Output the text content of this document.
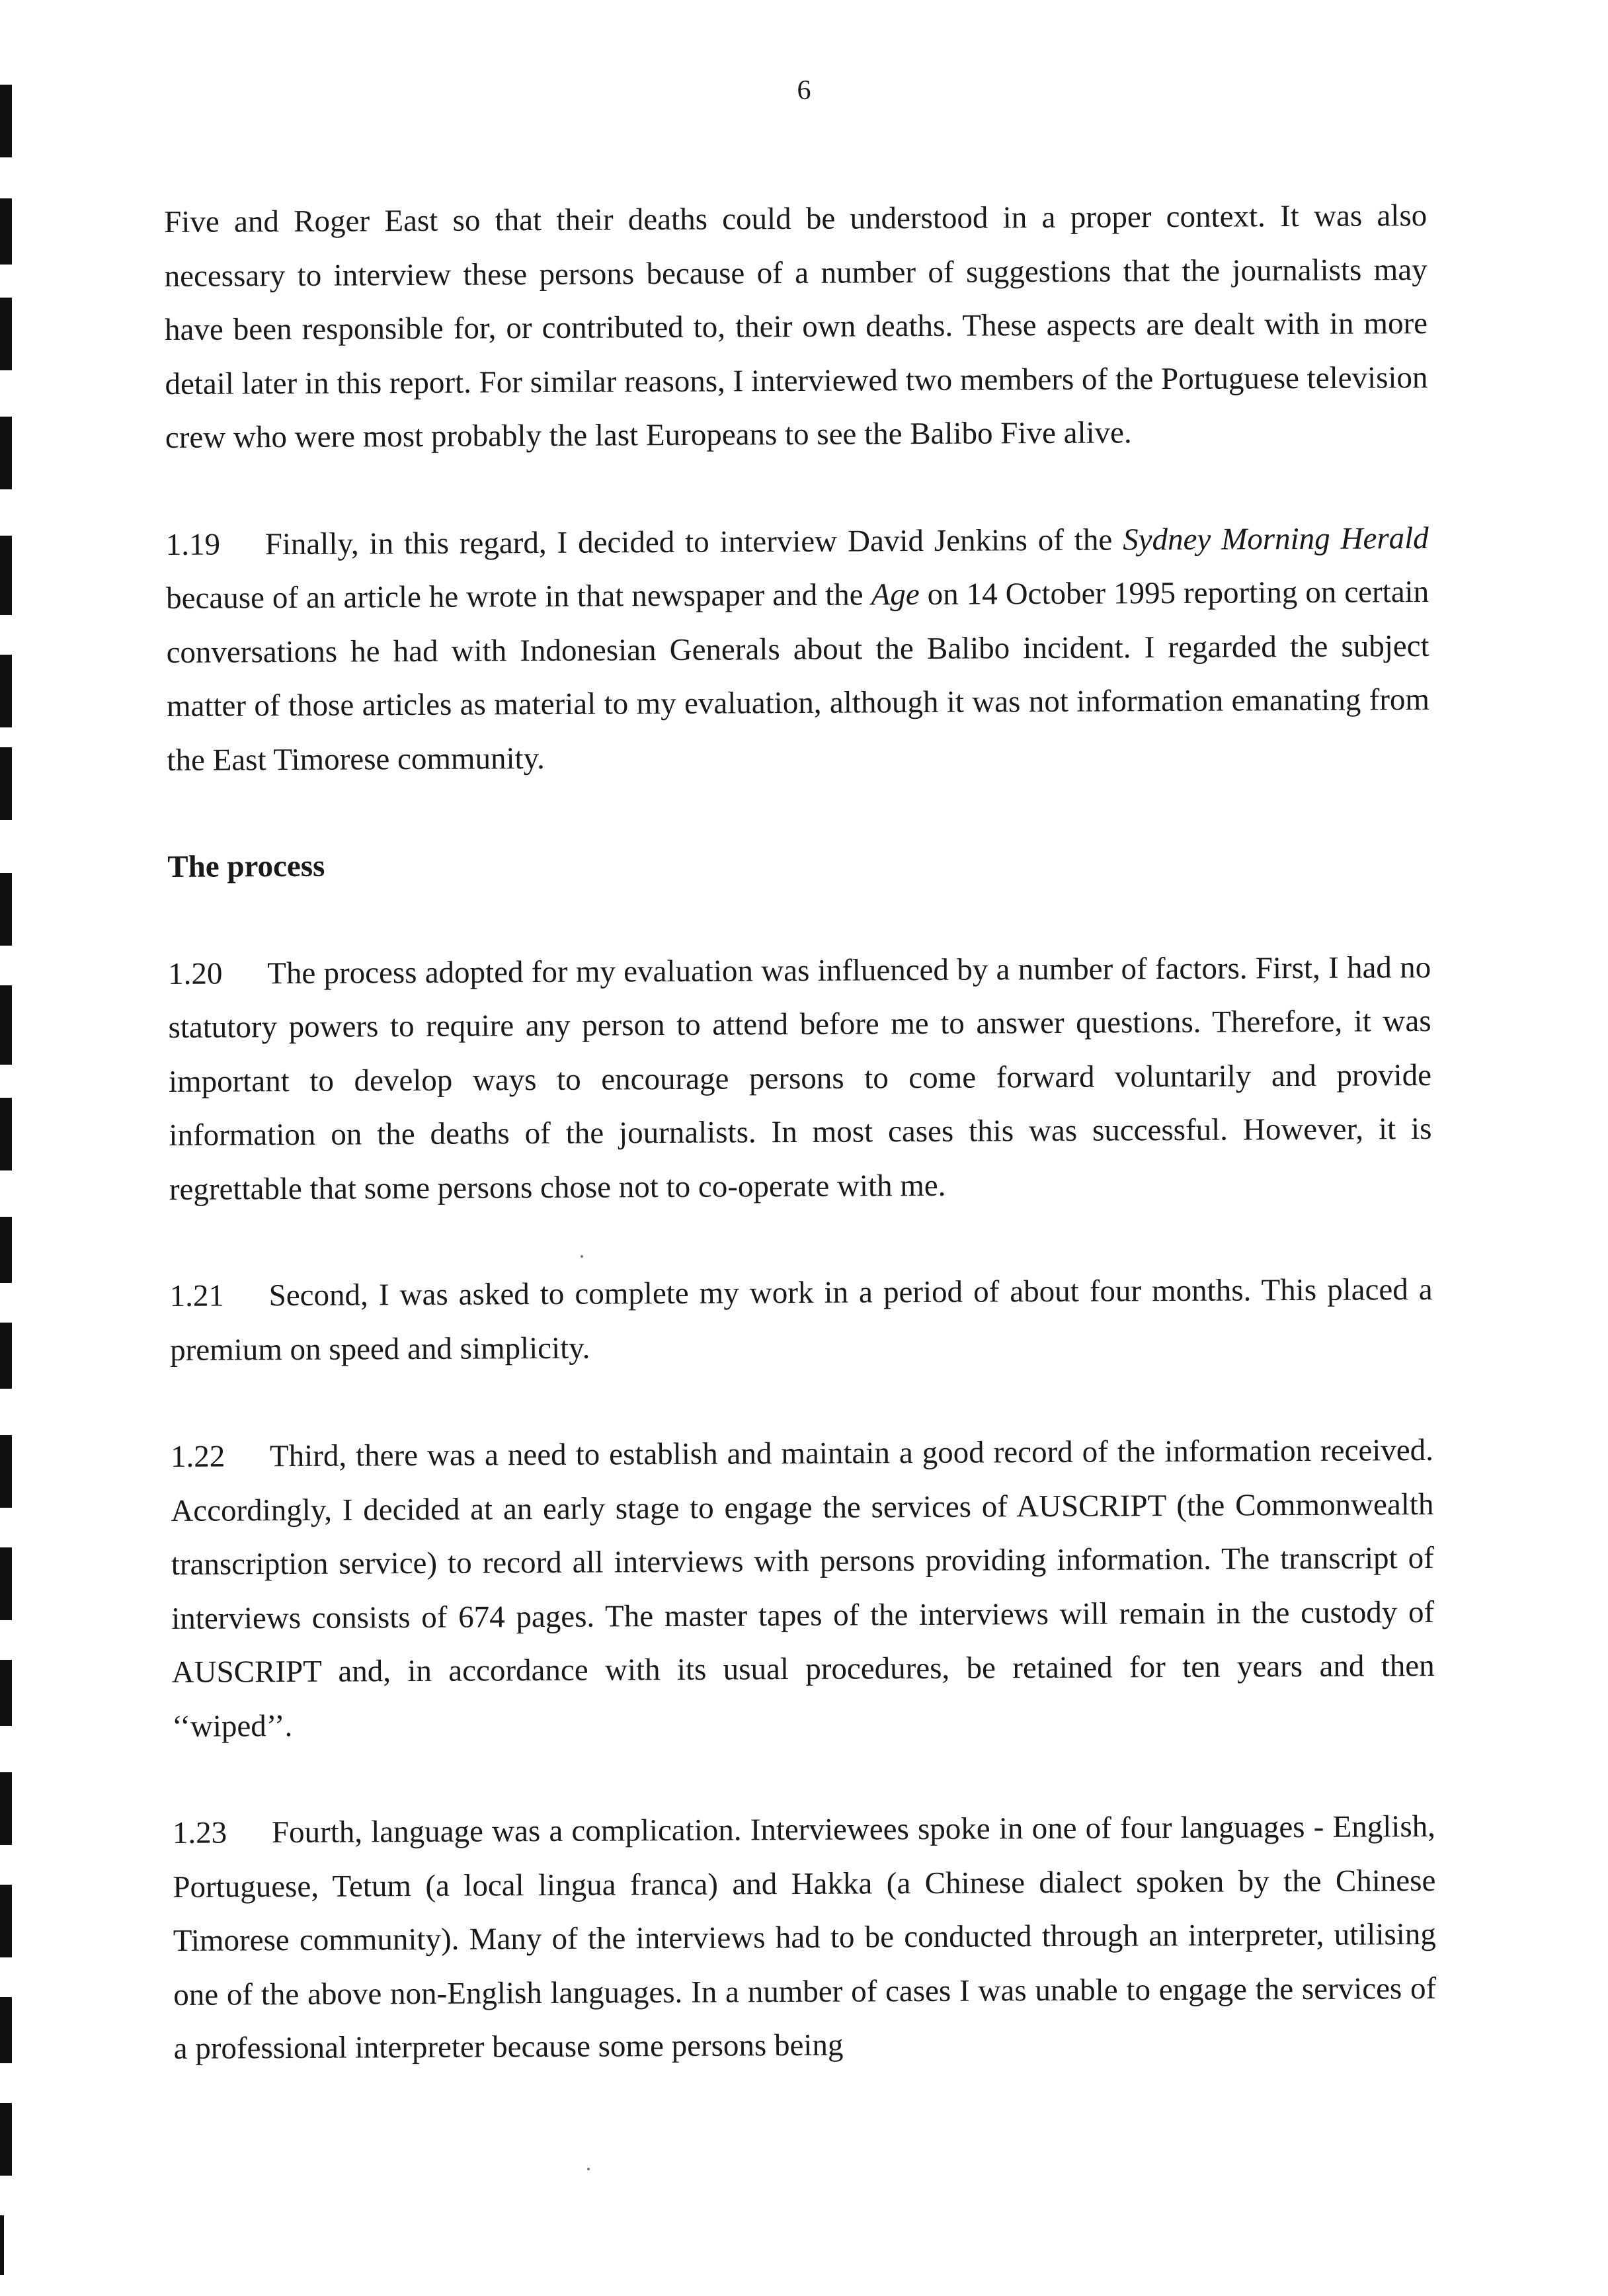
6

Five and Roger East so that their deaths could be understood in a proper context. It was also necessary to interview these persons because of a number of suggestions that the journalists may have been responsible for, or contributed to, their own deaths. These aspects are dealt with in more detail later in this report. For similar reasons, I interviewed two members of the Portuguese television crew who were most probably the last Europeans to see the Balibo Five alive.

1.19 Finally, in this regard, I decided to interview David Jenkins of the Sydney Morning Herald because of an article he wrote in that newspaper and the Age on 14 October 1995 reporting on certain conversations he had with Indonesian Generals about the Balibo incident. I regarded the subject matter of those articles as material to my evaluation, although it was not information emanating from the East Timorese community.

The process

1.20 The process adopted for my evaluation was influenced by a number of factors. First, I had no statutory powers to require any person to attend before me to answer questions. Therefore, it was important to develop ways to encourage persons to come forward voluntarily and provide information on the deaths of the journalists. In most cases this was successful. However, it is regrettable that some persons chose not to co-operate with me.

1.21 Second, I was asked to complete my work in a period of about four months. This placed a premium on speed and simplicity.

1.22 Third, there was a need to establish and maintain a good record of the information received. Accordingly, I decided at an early stage to engage the services of AUSCRIPT (the Commonwealth transcription service) to record all interviews with persons providing information. The transcript of interviews consists of 674 pages. The master tapes of the interviews will remain in the custody of AUSCRIPT and, in accordance with its usual procedures, be retained for ten years and then ‘‘wiped’’.

1.23 Fourth, language was a complication. Interviewees spoke in one of four languages - English, Portuguese, Tetum (a local lingua franca) and Hakka (a Chinese dialect spoken by the Chinese Timorese community). Many of the interviews had to be conducted through an interpreter, utilising one of the above non-English languages. In a number of cases I was unable to engage the services of a professional interpreter because some persons being
